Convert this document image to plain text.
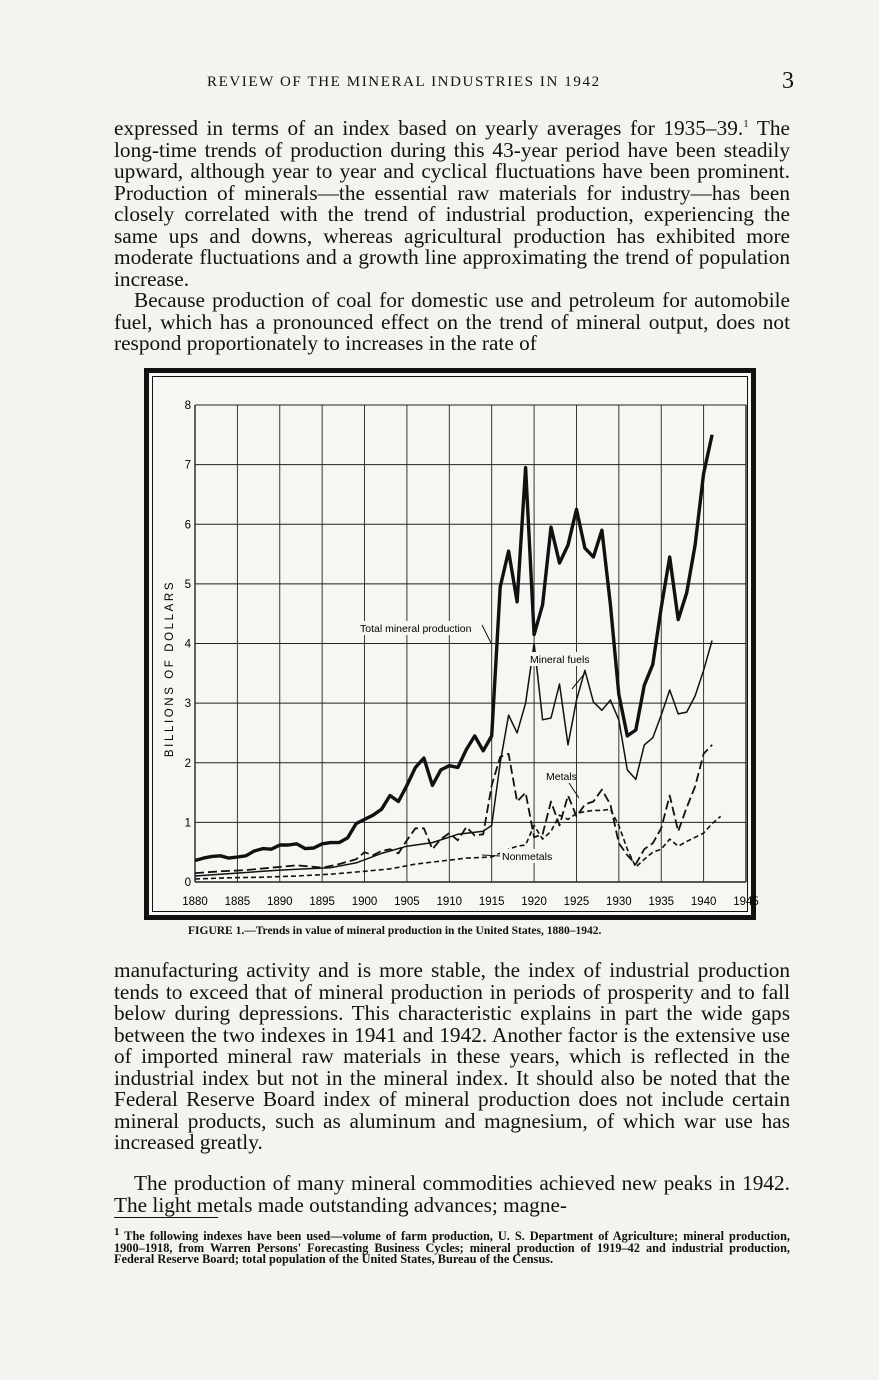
REVIEW OF THE MINERAL INDUSTRIES IN 1942	3

expressed in terms of an index based on yearly averages for 1935–39.$^1$ The long-time trends of production during this 43-year period have been steadily upward, although year to year and cyclical fluctuations have been prominent. Production of minerals—the essential raw materials for industry—has been closely correlated with the trend of industrial production, experiencing the same ups and downs, whereas agricultural production has exhibited more moderate fluctuations and a growth line approximating the trend of population increase.

Because production of coal for domestic use and petroleum for automobile fuel, which has a pronounced effect on the trend of mineral output, does not respond proportionately to increases in the rate of

1880 1885 1890 1895 1900 1905 1910 1915 1920 1925 1930 1935 1940 1945
0
1
2
3
4
5
6
7
8
BILLIONS OF DOLLARS	Total mineral production
Mineral fuels
Metals
Nonmetals
FIGURE 1.—Trends in value of mineral production in the United States, 1880–1942.

manufacturing activity and is more stable, the index of industrial production tends to exceed that of mineral production in periods of prosperity and to fall below during depressions. This characteristic explains in part the wide gaps between the two indexes in 1941 and 1942. Another factor is the extensive use of imported mineral raw materials in these years, which is reflected in the industrial index but not in the mineral index. It should also be noted that the Federal Reserve Board index of mineral production does not include certain mineral products, such as aluminum and magnesium, of which war use has increased greatly.

The production of many mineral commodities achieved new peaks in 1942. The light metals made outstanding advances; magne-

$^1$ The following indexes have been used—volume of farm production, U. S. Department of Agriculture; mineral production, 1900–1918, from Warren Persons' Forecasting Business Cycles; mineral production of 1919–42 and industrial production, Federal Reserve Board; total population of the United States, Bureau of the Census.
